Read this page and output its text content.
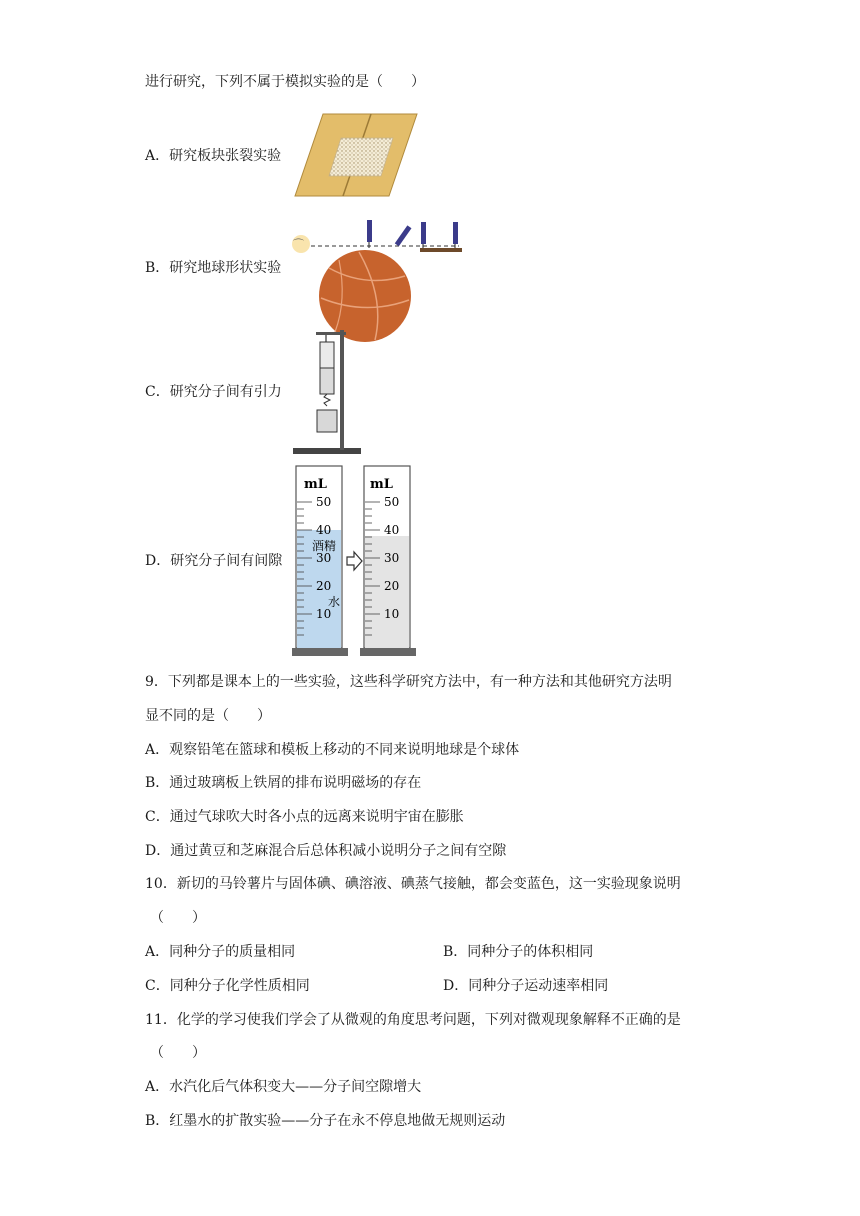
进行研究，下列不属于模拟实验的是（　　）
A．研究板块张裂实验
B．研究地球形状实验
⌒
C．研究分子间有引力
D．研究分子间有间隙
mL
50
40
30
20
10
酒精
水
mL
50
40
30
20
10
9．下列都是课本上的一些实验，这些科学研究方法中，有一种方法和其他研究方法明
显不同的是（　　）
A．观察铅笔在篮球和模板上移动的不同来说明地球是个球体
B．通过玻璃板上铁屑的排布说明磁场的存在
C．通过气球吹大时各小点的远离来说明宇宙在膨胀
D．通过黄豆和芝麻混合后总体积减小说明分子之间有空隙
10．新切的马铃薯片与固体碘、碘溶液、碘蒸气接触，都会变蓝色，这一实验现象说明
（　　）
A．同种分子的质量相同	B．同种分子的体积相同
C．同种分子化学性质相同	D．同种分子运动速率相同
11．化学的学习使我们学会了从微观的角度思考问题，下列对微观现象解释不正确的是
（　　）
A．水汽化后气体积变大——分子间空隙增大
B．红墨水的扩散实验——分子在永不停息地做无规则运动
